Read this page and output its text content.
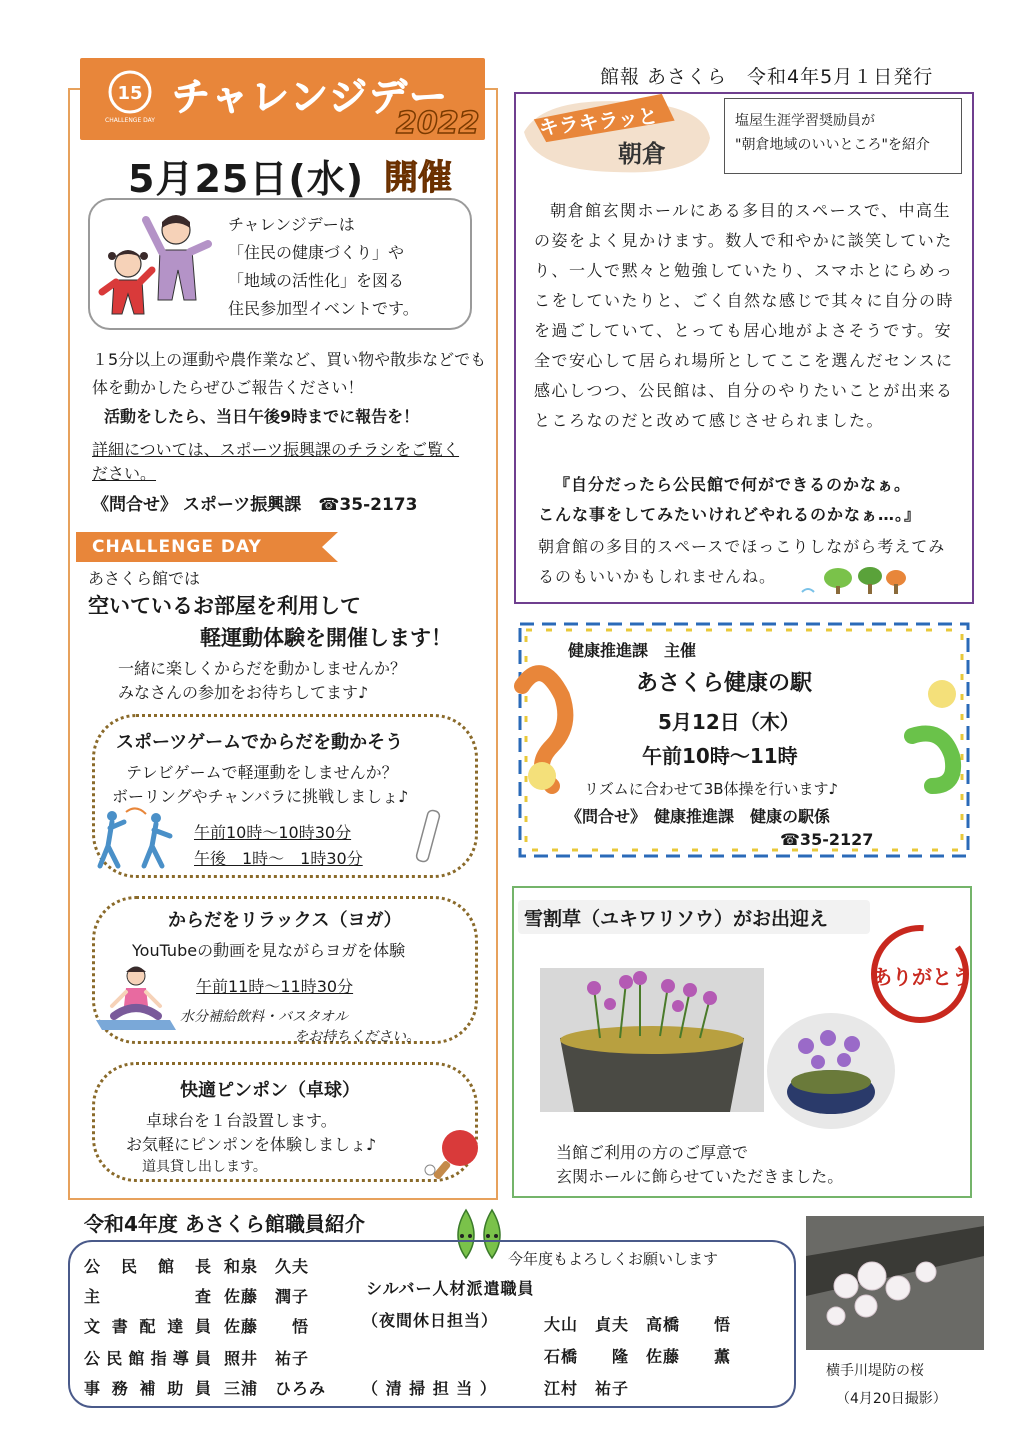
館報 あさくら　令和4年5月１日発行
15
CHALLENGE DAY
チャレンジデー
2022
5月25日(水) 開催
チャレンジデーは
「住民の健康づくり」や
「地域の活性化」を図る
住民参加型イベントです。
１5分以上の運動や農作業など、買い物や散歩などでも体を動かしたらぜひご報告ください！
活動をしたら、当日午後9時までに報告を！
詳細については、スポーツ振興課のチラシをご覧ください。
《問合せ》 スポーツ振興課　☎35-2173
CHALLENGE DAY
あさくら館では
空いているお部屋を利用して
軽運動体験を開催します！
一緒に楽しくからだを動かしませんか？
みなさんの参加をお待ちしてます♪
スポーツゲームでからだを動かそう
テレビゲームで軽運動をしませんか？
ボーリングやチャンバラに挑戦しましょ♪
午前10時～10時30分
午後　1時～　1時30分
からだをリラックス（ヨガ）
YouTubeの動画を見ながらヨガを体験
午前11時～11時30分
水分補給飲料・バスタオル
をお持ちください。
快適ピンポン（卓球）
卓球台を１台設置します。
お気軽にピンポンを体験しましょ♪
道具貸し出します。
キラキラッと
朝倉
塩屋生涯学習奨励員が
"朝倉地域のいいところ"を紹介
朝倉館玄関ホールにある多目的スペースで、中高生の姿をよく見かけます。数人で和やかに談笑していたり、一人で黙々と勉強していたり、スマホとにらめっこをしていたりと、ごく自然な感じで其々に自分の時を過ごしていて、とっても居心地がよさそうです。安全で安心して居られ場所としてここを選んだセンスに感心しつつ、公民館は、自分のやりたいことが出来るところなのだと改めて感じさせられました。
『自分だったら公民館で何ができるのかなぁ。
こんな事をしてみたいけれどやれるのかなぁ…。』
朝倉館の多目的スペースでほっこりしながら考えてみるのもいいかもしれませんね。
健康推進課　主催
あさくら健康の駅
5月12日（木）
午前10時～11時
リズムに合わせて3B体操を行います♪
《問合せ》　健康推進課　健康の駅係
☎35-2127
雪割草（ユキワリソウ）がお出迎え
ありがとう
当館ご利用の方のご厚意で
玄関ホールに飾らせていただきました。
令和4年度 あさくら館職員紹介
今年度もよろしくお願いします
公民館長 和泉　久夫
主査 佐藤　潤子
文書配達員 佐藤　　悟
公民館指導員 照井　祐子
事務補助員 三浦　ひろみ
シルバー人材派遣職員
（夜間休日担当）	大山　貞夫　高橋　　悟
石橋　　隆　佐藤　　薫
（ 清 掃 担 当 ）	江村　祐子
横手川堤防の桜
（4月20日撮影）
